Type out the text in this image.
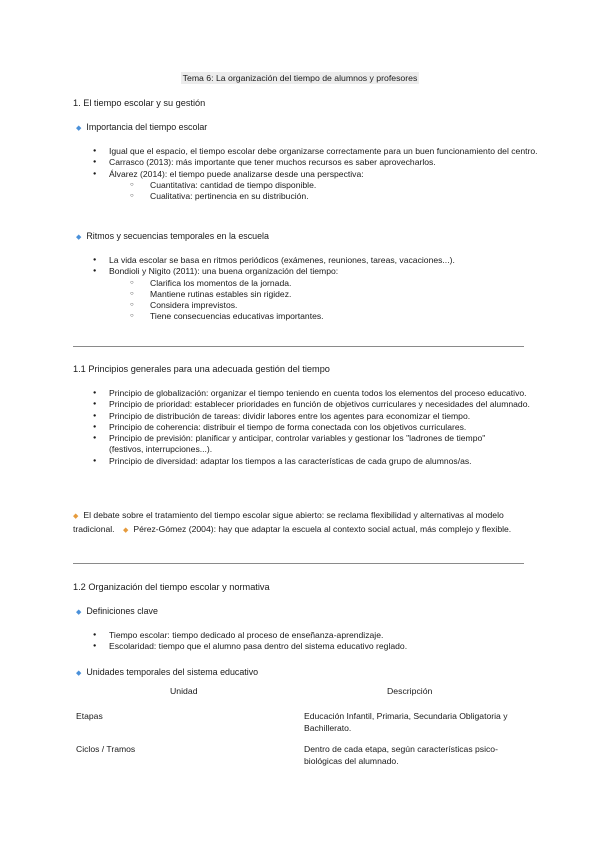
Tema 6: La organización del tiempo de alumnos y profesores
1. El tiempo escolar y su gestión
◆ Importancia del tiempo escolar
● Igual que el espacio, el tiempo escolar debe organizarse correctamente para un buen funcionamiento del centro.
● Carrasco (2013): más importante que tener muchos recursos es saber aprovecharlos.
● Álvarez (2014): el tiempo puede analizarse desde una perspectiva:
○ Cuantitativa: cantidad de tiempo disponible.
○ Cualitativa: pertinencia en su distribución.
◆ Ritmos y secuencias temporales en la escuela
● La vida escolar se basa en ritmos periódicos (exámenes, reuniones, tareas, vacaciones...).
● Bondioli y Nigito (2011): una buena organización del tiempo:
○ Clarifica los momentos de la jornada.
○ Mantiene rutinas estables sin rigidez.
○ Considera imprevistos.
○ Tiene consecuencias educativas importantes.
1.1 Principios generales para una adecuada gestión del tiempo
● Principio de globalización: organizar el tiempo teniendo en cuenta todos los elementos del proceso educativo.
● Principio de prioridad: establecer prioridades en función de objetivos curriculares y necesidades del alumnado.
● Principio de distribución de tareas: dividir labores entre los agentes para economizar el tiempo.
● Principio de coherencia: distribuir el tiempo de forma conectada con los objetivos curriculares.
● Principio de previsión: planificar y anticipar, controlar variables y gestionar los "ladrones de tiempo" (festivos, interrupciones...).
● Principio de diversidad: adaptar los tiempos a las características de cada grupo de alumnos/as.
◆ El debate sobre el tratamiento del tiempo escolar sigue abierto: se reclama flexibilidad y alternativas al modelo tradicional. ◆ Pérez-Gómez (2004): hay que adaptar la escuela al contexto social actual, más complejo y flexible.
1.2 Organización del tiempo escolar y normativa
◆ Definiciones clave
● Tiempo escolar: tiempo dedicado al proceso de enseñanza-aprendizaje.
● Escolaridad: tiempo que el alumno pasa dentro del sistema educativo reglado.
◆ Unidades temporales del sistema educativo
Unidad	Descripción
Etapas	Educación Infantil, Primaria, Secundaria Obligatoria y Bachillerato.
Ciclos / Tramos	Dentro de cada etapa, según características psico-biológicas del alumnado.
